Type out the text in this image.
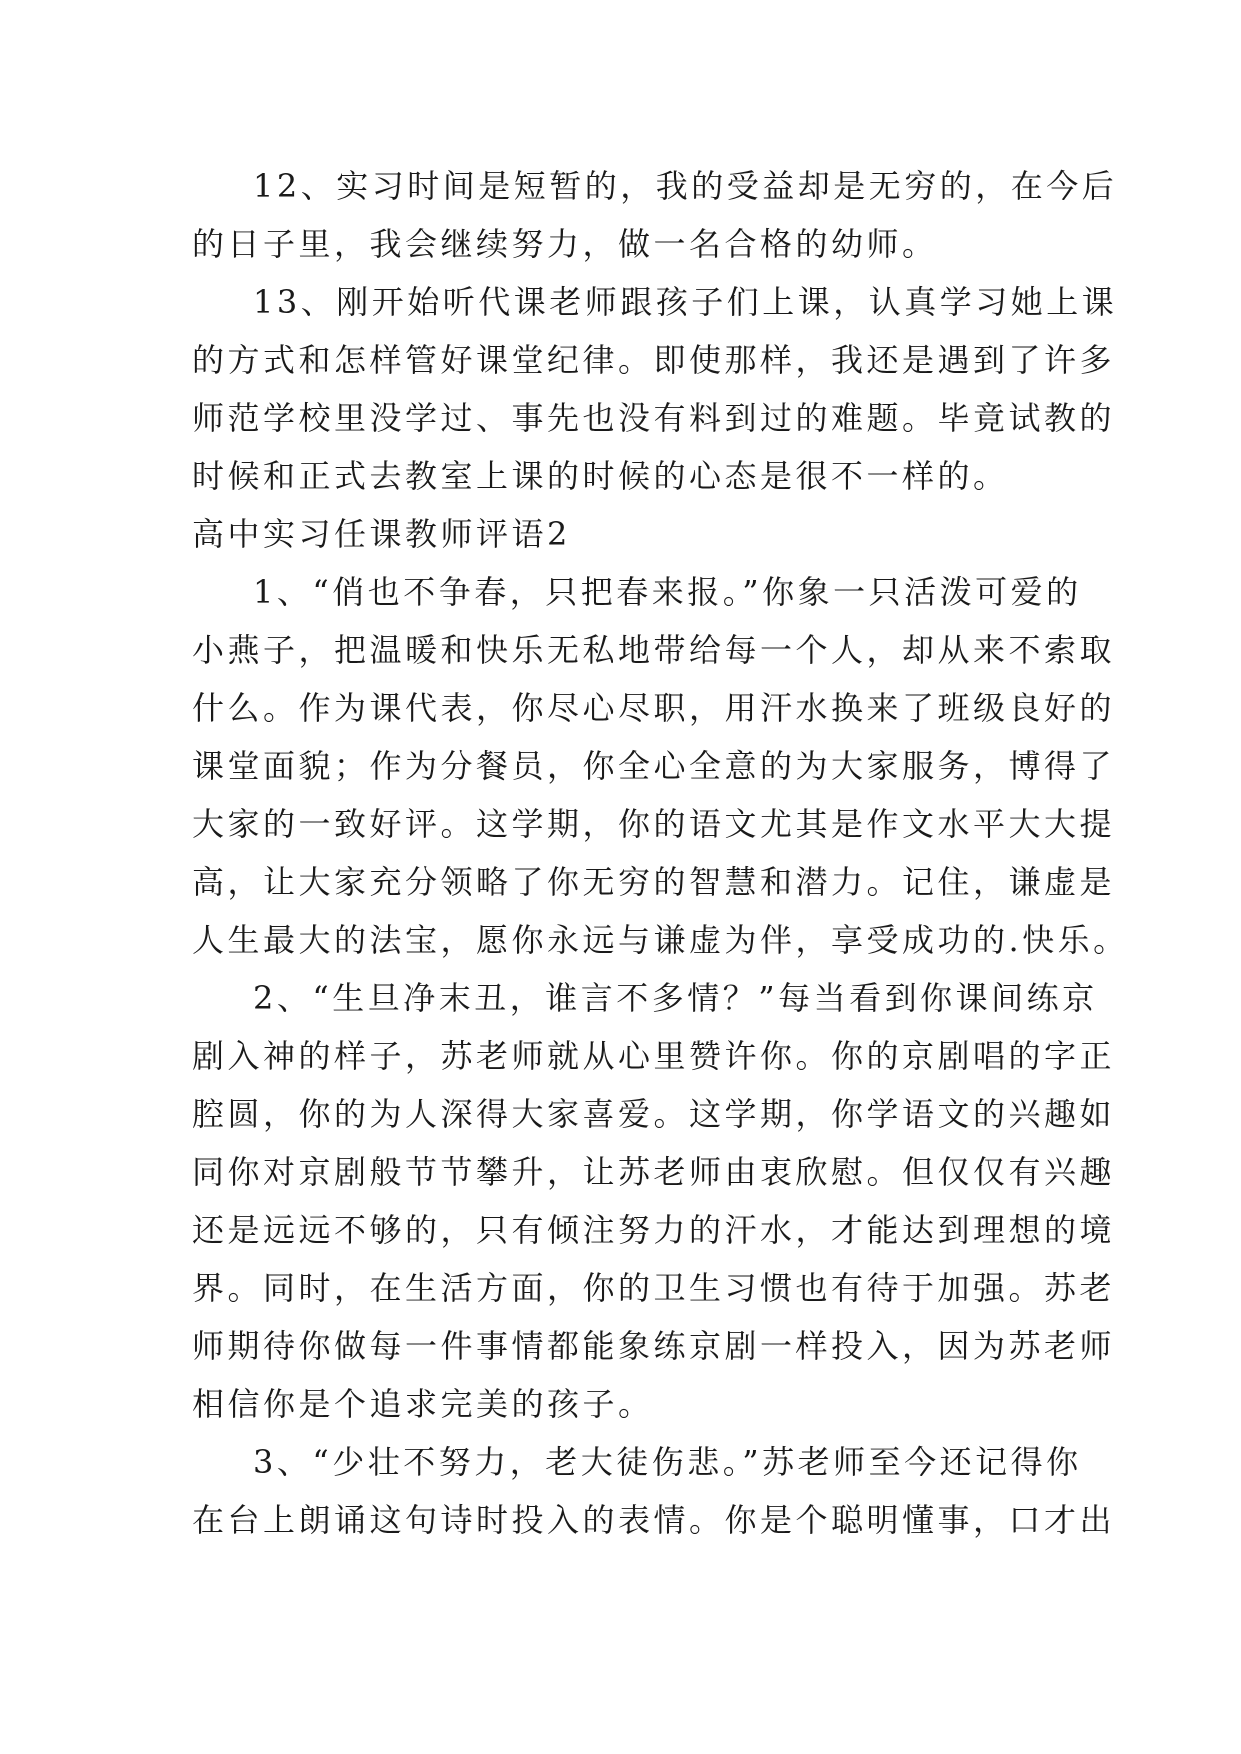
12、实习时间是短暂的，我的受益却是无穷的，在今后
的日子里，我会继续努力，做一名合格的幼师。
13、刚开始听代课老师跟孩子们上课，认真学习她上课
的方式和怎样管好课堂纪律。即使那样，我还是遇到了许多
师范学校里没学过、事先也没有料到过的难题。毕竟试教的
时候和正式去教室上课的时候的心态是很不一样的。
高中实习任课教师评语2
1、“俏也不争春，只把春来报。”你象一只活泼可爱的
小燕子，把温暖和快乐无私地带给每一个人，却从来不索取
什么。作为课代表，你尽心尽职，用汗水换来了班级良好的
课堂面貌；作为分餐员，你全心全意的为大家服务，博得了
大家的一致好评。这学期，你的语文尤其是作文水平大大提
高，让大家充分领略了你无穷的智慧和潜力。记住，谦虚是
人生最大的法宝，愿你永远与谦虚为伴，享受成功的.快乐。
2、“生旦净末丑，谁言不多情？”每当看到你课间练京
剧入神的样子，苏老师就从心里赞许你。你的京剧唱的字正
腔圆，你的为人深得大家喜爱。这学期，你学语文的兴趣如
同你对京剧般节节攀升，让苏老师由衷欣慰。但仅仅有兴趣
还是远远不够的，只有倾注努力的汗水，才能达到理想的境
界。同时，在生活方面，你的卫生习惯也有待于加强。苏老
师期待你做每一件事情都能象练京剧一样投入，因为苏老师
相信你是个追求完美的孩子。
3、“少壮不努力，老大徒伤悲。”苏老师至今还记得你
在台上朗诵这句诗时投入的表情。你是个聪明懂事，口才出
